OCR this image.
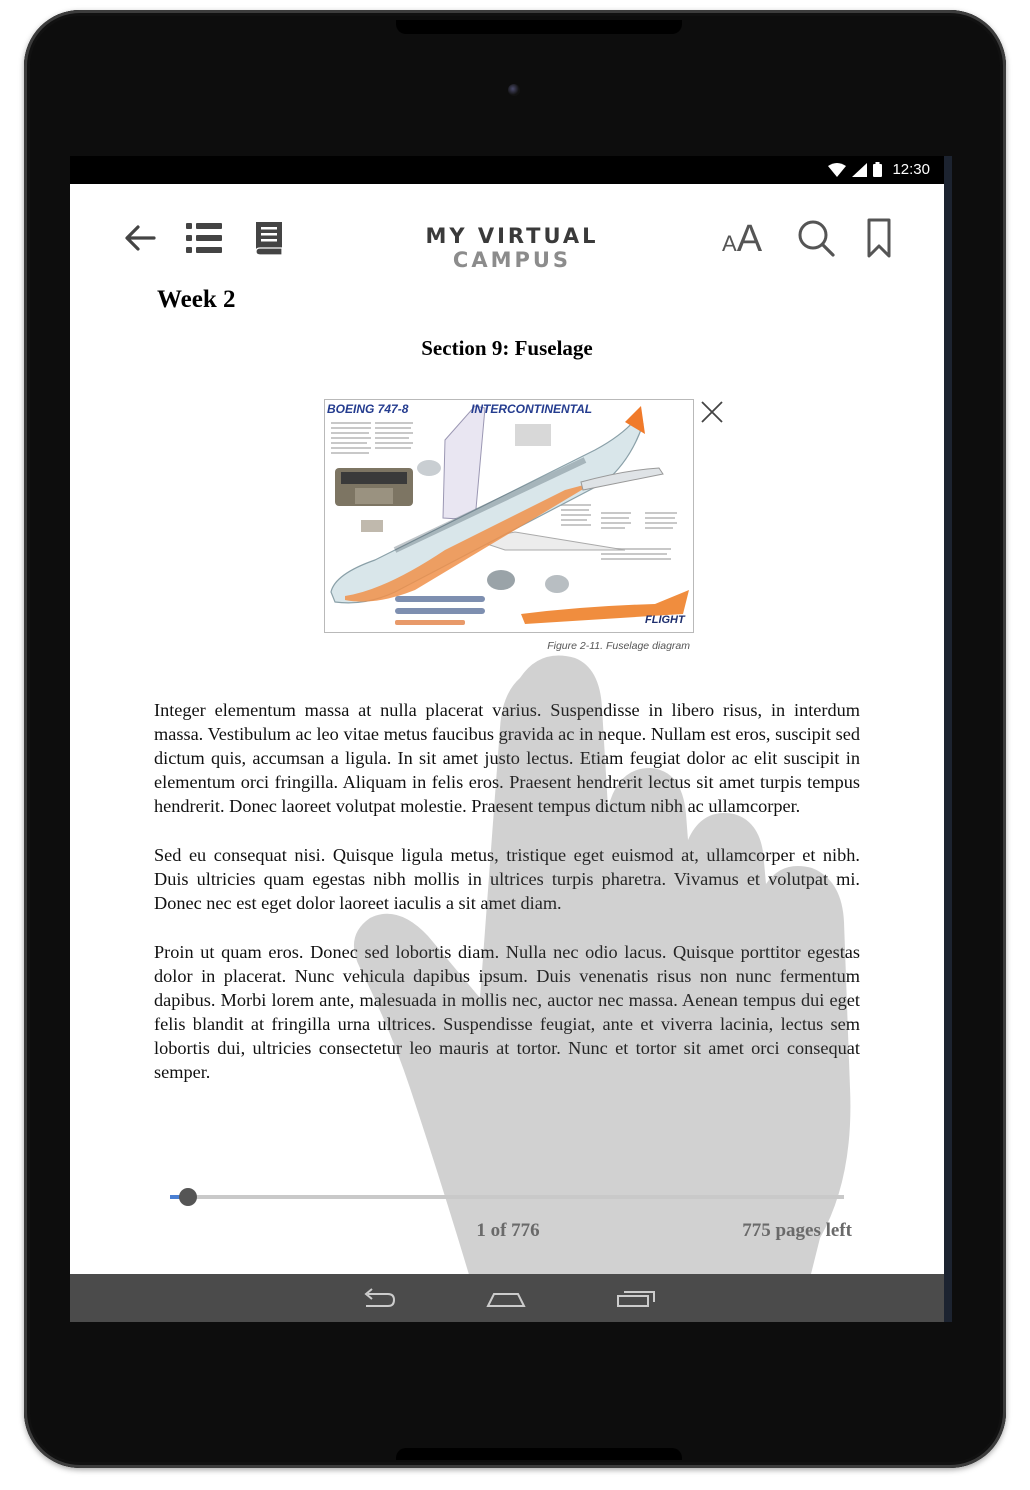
12:30
MY VIRTUAL CAMPUS
AA
Week 2
Section 9: Fuselage
BOEING 747-8	INTERCONTINENTAL
FLIGHT
Figure 2-11. Fuselage diagram

Integer elementum massa at nulla placerat varius. Suspendisse in libero risus, in interdum massa. Vestibulum ac leo vitae metus faucibus gravida ac in neque. Nullam est eros, suscipit sed dictum quis, accumsan a ligula. In sit amet justo lectus. Etiam feugiat dolor ac elit suscipit in elementum orci fringilla. Aliquam in felis eros. Praesent hendrerit lectus sit amet turpis tempus hendrerit. Donec laoreet volutpat molestie. Praesent tempus dictum nibh ac ullamcorper.

Sed eu consequat nisi. Quisque ligula metus, tristique eget euismod at, ullamcorper et nibh. Duis ultricies quam egestas nibh mollis in ultrices turpis pharetra. Vivamus et volutpat mi. Donec nec est eget dolor laoreet iaculis a sit amet diam.

Proin ut quam eros. Donec sed lobortis diam. Nulla nec odio lacus. Quisque porttitor egestas dolor in placerat. Nunc vehicula dapibus ipsum. Duis venenatis risus non nunc fermentum dapibus. Morbi lorem ante, malesuada in mollis nec, auctor nec massa. Aenean tempus dui eget felis blandit at fringilla urna ultrices. Suspendisse feugiat, ante et viverra lacinia, lectus sem lobortis dui, ultricies consectetur leo mauris at tortor. Nunc et tortor sit amet orci consequat semper.

1 of 776	775 pages left
